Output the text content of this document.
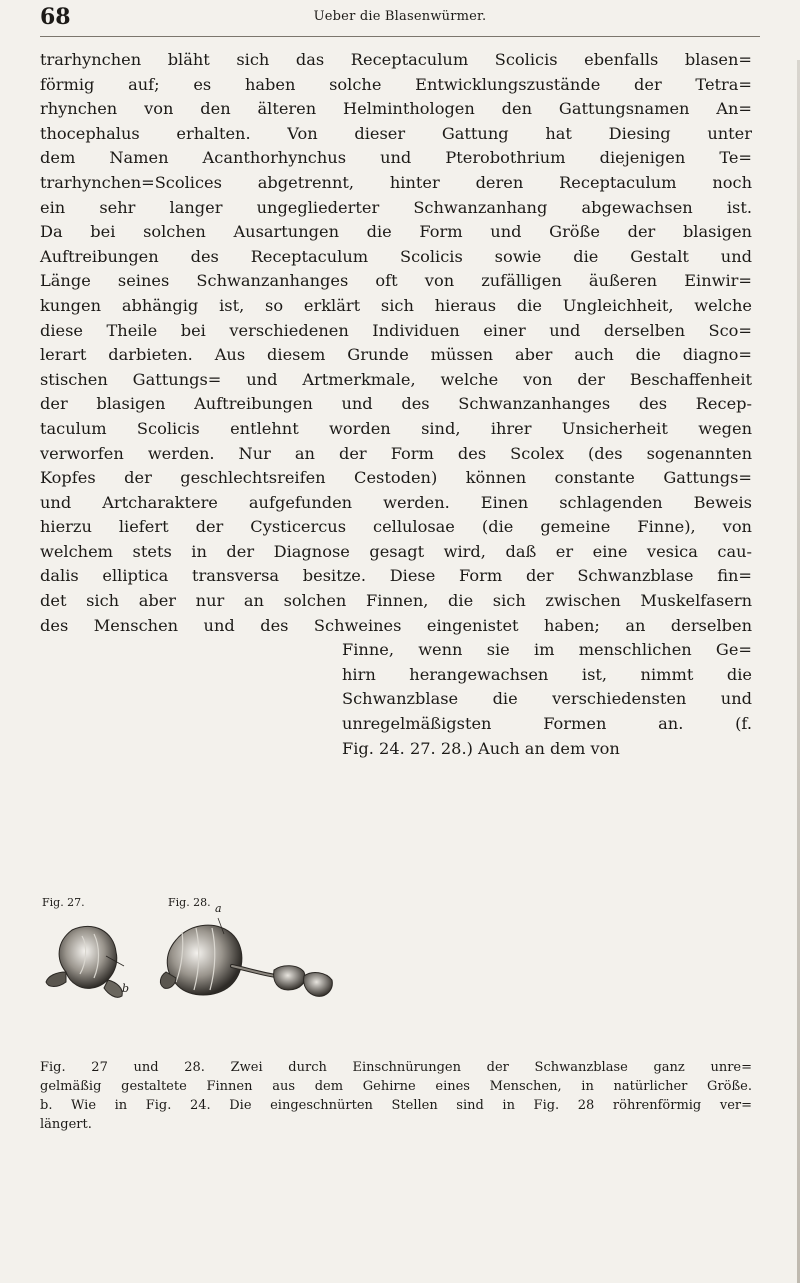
68	Ueber die Blasenwürmer.
trarhynchen bläht sich das Receptaculum Scolicis ebenfalls blasen=
förmig auf; es haben solche Entwicklungszustände der Tetra=
rhynchen von den älteren Helminthologen den Gattungsnamen An=
thocephalus erhalten. Von dieser Gattung hat Diesing unter
dem Namen Acanthorhynchus und Pterobothrium diejenigen Te=
trarhynchen=Scolices abgetrennt, hinter deren Receptaculum noch
ein sehr langer ungegliederter Schwanzanhang abgewachsen ist.
Da bei solchen Ausartungen die Form und Größe der blasigen
Auftreibungen des Receptaculum Scolicis sowie die Gestalt und
Länge seines Schwanzanhanges oft von zufälligen äußeren Einwir=
kungen abhängig ist, so erklärt sich hieraus die Ungleichheit, welche
diese Theile bei verschiedenen Individuen einer und derselben Sco=
lerart darbieten. Aus diesem Grunde müssen aber auch die diagno=
stischen Gattungs= und Artmerkmale, welche von der Beschaffenheit
der blasigen Auftreibungen und des Schwanzanhanges des Recep-
taculum Scolicis entlehnt worden sind, ihrer Unsicherheit wegen
verworfen werden. Nur an der Form des Scolex (des sogenannten
Kopfes der geschlechtsreifen Cestoden) können constante Gattungs=
und Artcharaktere aufgefunden werden. Einen schlagenden Beweis
hierzu liefert der Cysticercus cellulosae (die gemeine Finne), von
welchem stets in der Diagnose gesagt wird, daß er eine vesica cau-
dalis elliptica transversa besitze. Diese Form der Schwanzblase fin=
det sich aber nur an solchen Finnen, die sich zwischen Muskelfasern
des Menschen und des Schweines eingenistet haben; an derselben
Finne, wenn sie im menschlichen Ge=
hirn herangewachsen ist, nimmt die
Schwanzblase die verschiedensten und
unregelmäßigsten Formen an. (f.
Fig. 24. 27. 28.) Auch an dem von
Fig. 27.	Fig. 28.
b
a
Fig. 27 und 28. Zwei durch Einschnürungen der Schwanzblase ganz unre=
gelmäßig gestaltete Finnen aus dem Gehirne eines Menschen, in natürlicher Größe.
b. Wie in Fig. 24. Die eingeschnürten Stellen sind in Fig. 28 röhrenförmig ver=
längert.
